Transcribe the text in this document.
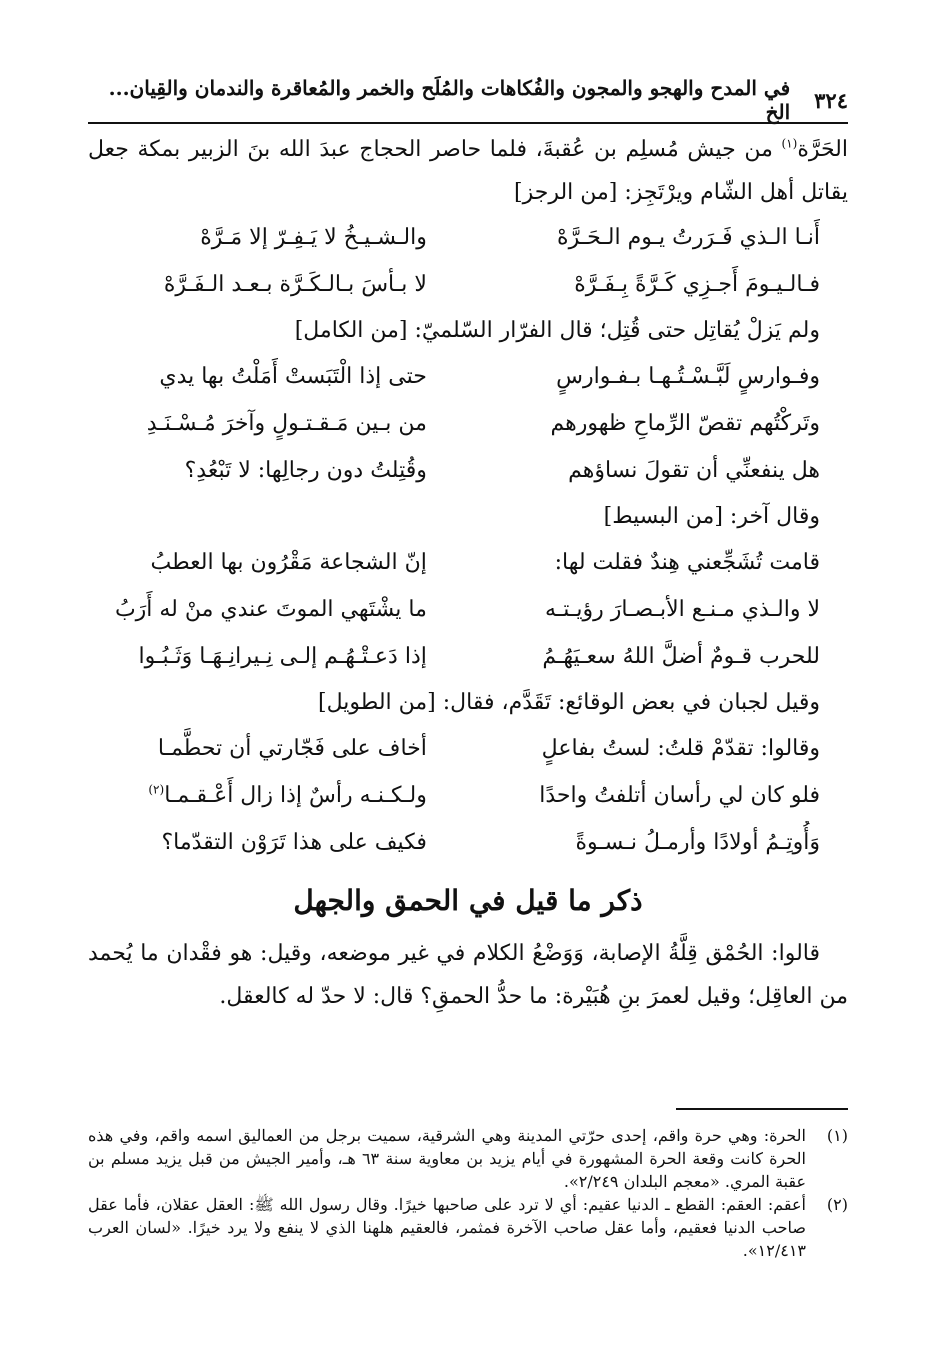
٣٢٤
في المدح والهجو والمجون والفُكاهات والمُلَح والخمر والمُعاقرة والندمان والقِيان... الخ

الحَرَّة$^{(١)}$ من جيش مُسلِم بن عُقبةَ، فلما حاصر الحجاج عبدَ الله بنَ الزبير بمكة جعل يقاتل أهل الشّام ويرْتَجِز: [من الرجز]

أَنـا الـذي فَـرَرتُ يـوم الـحَـرَّهْ
والـشـيـخُ لا يَـفِـرّ إلا مَـرَّهْ
فـالـيـومَ أَجـزِي كَـرَّةً بِـفَـرَّهْ
لا بـأسَ بـالـكَـرَّة بـعـد الـفَـرَّهْ
ولم يَزلْ يُقاتِل حتى قُتِل؛ قال الفرّار السّلميّ: [من الكامل]
وفـوارسٍ لَبَّـسْـتُـهـا بـفـوارسٍ
حتى إذا الْتَبَستْ أَمَلْتُ بها يدي
وتَركْتُهم تقصّ الرِّماحِ ظهورهم
من بـين مَـقـتـولٍ وآخرَ مُـسْـنَـدِ
هل ينفعنِّي أن تقولَ نساؤهم
وقُتِلتُ دون رجالِها: لا تَبْعُدِ؟
وقال آخر: [من البسيط]
قامت تُشَجِّعني هِندٌ فقلت لها:
إنّ الشجاعة مَقْرُون بها العطبُ
لا والـذي مـنـع الأبـصـارَ رؤيـتـه
ما يشْتَهي الموتَ عندي منْ له أَرَبُ
للحرب قـومٌ أضلَّ اللهُ سعـيَهُـمُ
إذا دَعـتْـهُـم إلـى نِـيرانِـهَـا وَثَـبُـوا
وقيل لجبان في بعض الوقائع: تَقَدَّم، فقال: [من الطويل]
وقالوا: تقدّمْ قلتُ: لستُ بفاعلٍ
أخاف على فَجّارتي أن تحطَّمـا
فلو كان لي رأسان أتلفتُ واحدًا
ولـكـنـه رأسٌ إذا زال أَعْـقـمـا$^{(٢)}$
وَأُوتِـمُ أولادًا وأرمـلُ نـسـوةً
فكيف على هذا تَرَوْن التقدّما؟
ذكر ما قيل في الحمق والجهل

قالوا: الحُمْق قِلَّةُ الإصابة، وَوَضْعُ الكلام في غير موضعه، وقيل: هو فقْدان ما يُحمد من العاقِل؛ وقيل لعمرَ بنِ هُبَيْرة: ما حدُّ الحمقِ؟ قال: لا حدّ له كالعقل.

(١)
الحرة: وهي حرة واقم، إحدى حرّتي المدينة وهي الشرقية، سميت برجل من العماليق اسمه واقم، وفي هذه الحرة كانت وقعة الحرة المشهورة في أيام يزيد بن معاوية سنة ٦٣ هـ، وأمير الجيش من قبل يزيد مسلم بن عقبة المري. «معجم البلدان ٢/٢٤٩».
(٢)
أعقم: العقم: القطع ـ الدنيا عقيم: أي لا ترد على صاحبها خيرًا. وقال رسول الله ﷺ: العقل عقلان، فأما عقل صاحب الدنيا فعقيم، وأما عقل صاحب الآخرة فمثمر، فالعقيم هلهنا الذي لا ينفع ولا يرد خيرًا. «لسان العرب ١٢/٤١٣».
